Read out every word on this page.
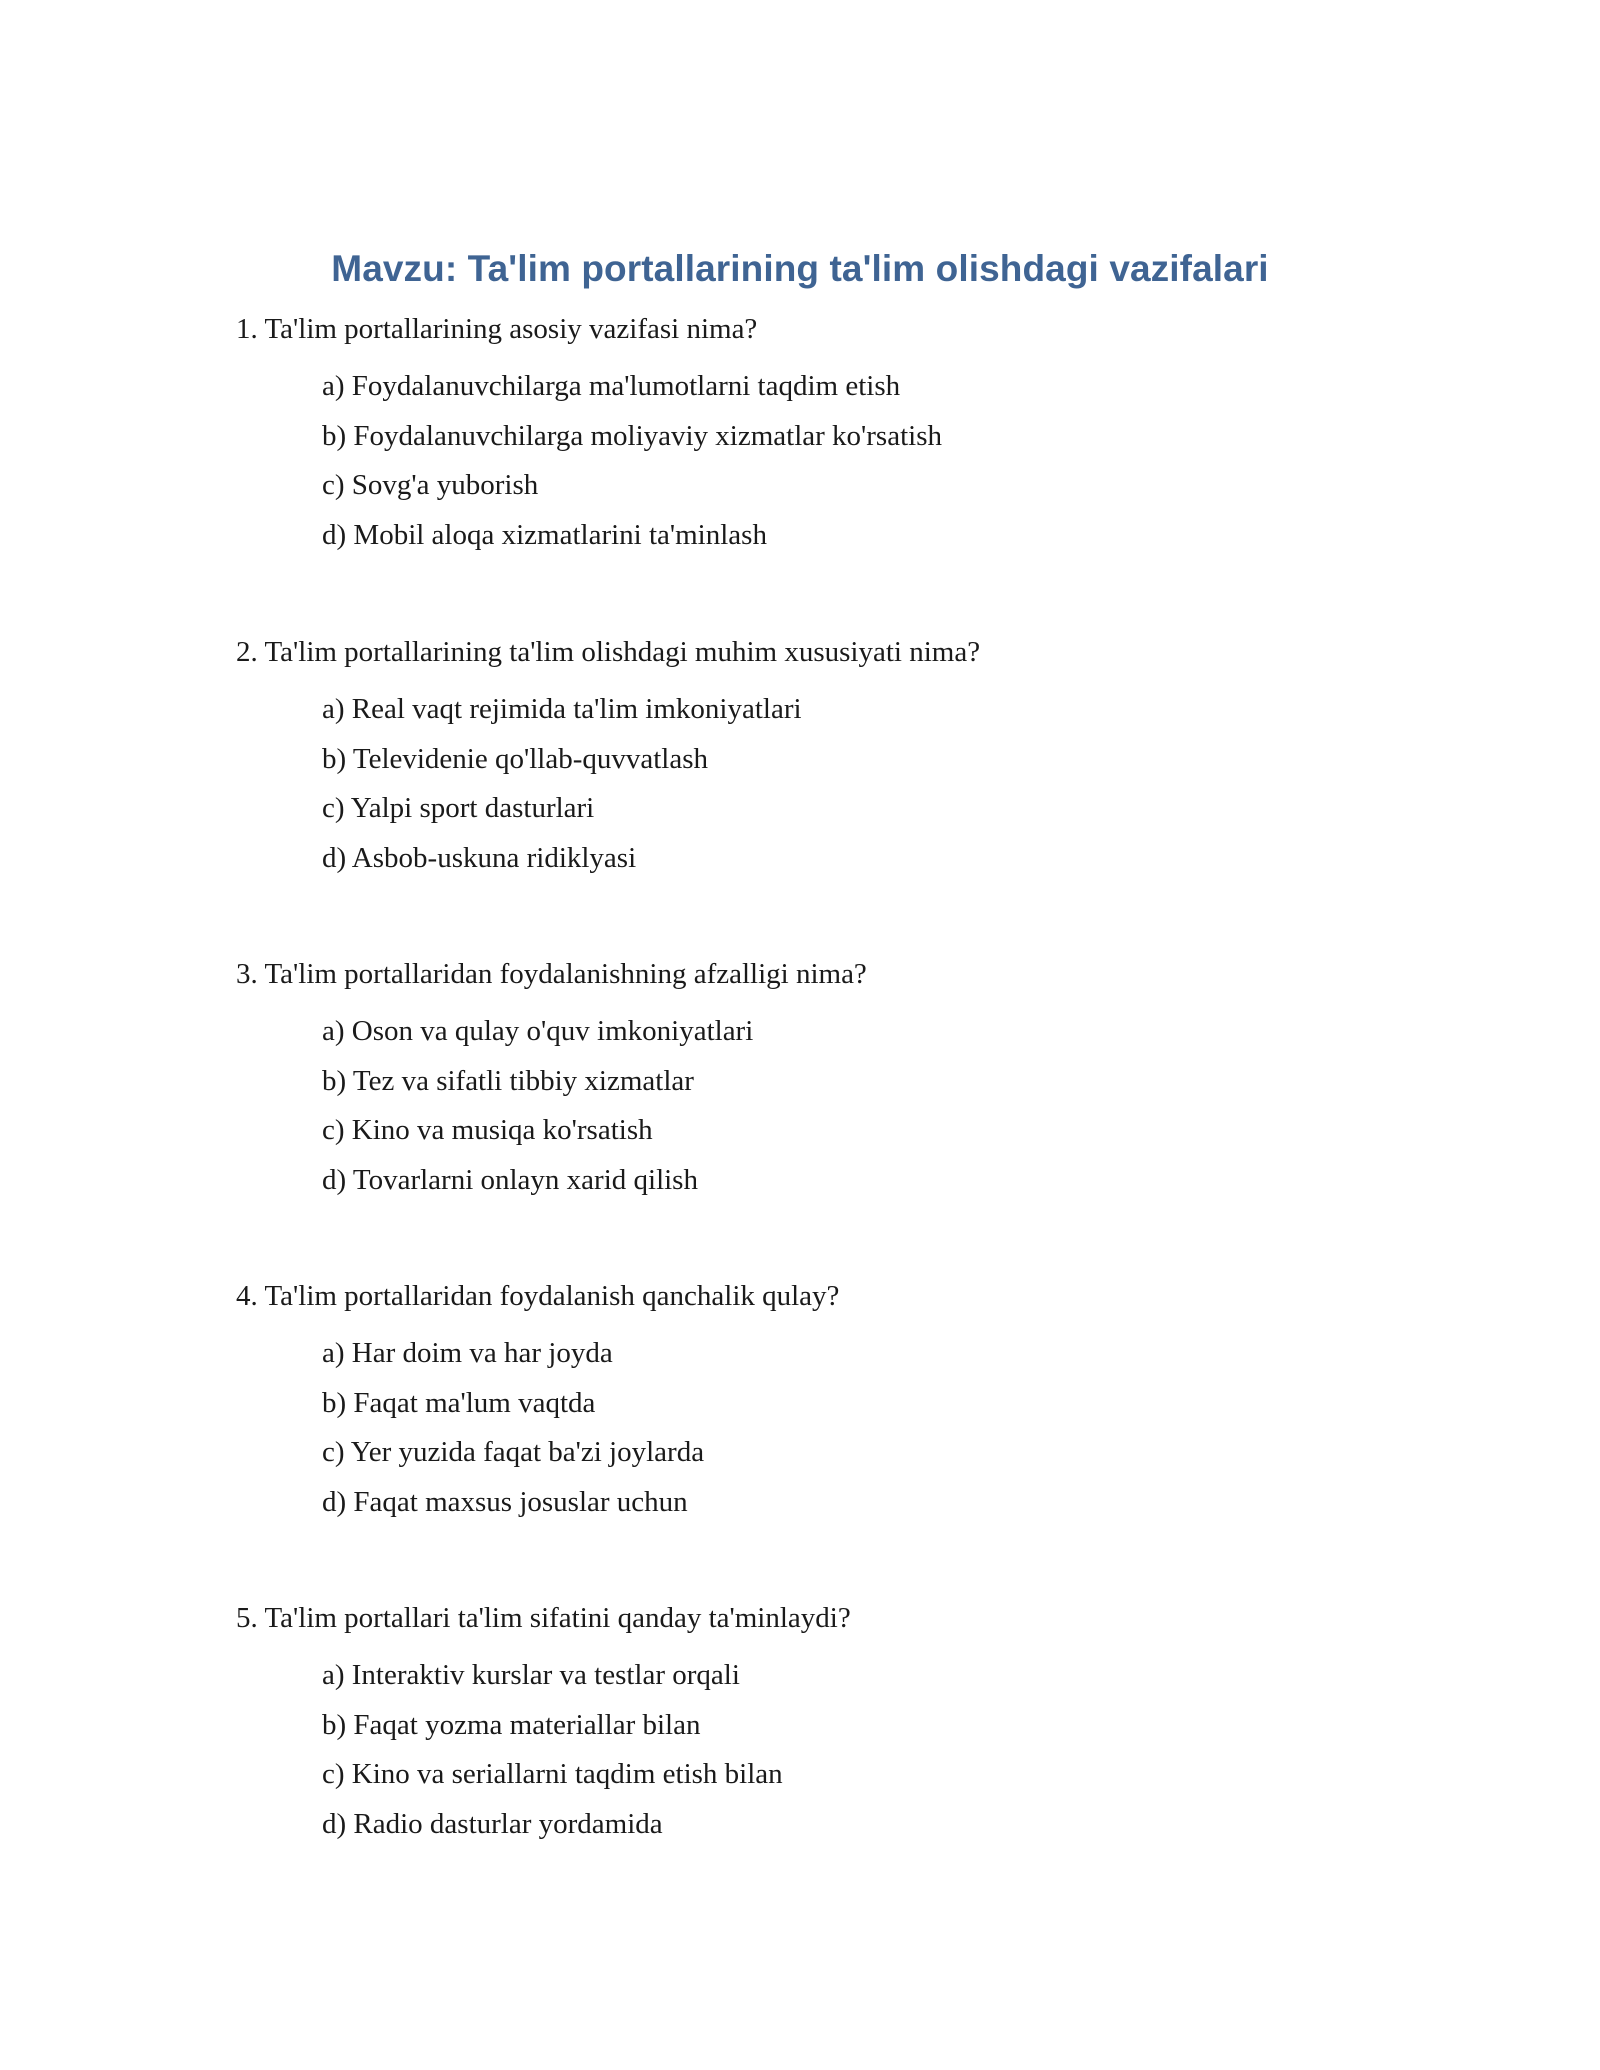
Mavzu: Ta'lim portallarining ta'lim olishdagi vazifalari

1. Ta'lim portallarining asosiy vazifasi nima?

a) Foydalanuvchilarga ma'lumotlarni taqdim etish
b) Foydalanuvchilarga moliyaviy xizmatlar ko'rsatish
c) Sovg'a yuborish
d) Mobil aloqa xizmatlarini ta'minlash

2. Ta'lim portallarining ta'lim olishdagi muhim xususiyati nima?

a) Real vaqt rejimida ta'lim imkoniyatlari
b) Televidenie qo'llab-quvvatlash
c) Yalpi sport dasturlari
d) Asbob-uskuna ridiklyasi

3. Ta'lim portallaridan foydalanishning afzalligi nima?

a) Oson va qulay o'quv imkoniyatlari
b) Tez va sifatli tibbiy xizmatlar
c) Kino va musiqa ko'rsatish
d) Tovarlarni onlayn xarid qilish

4. Ta'lim portallaridan foydalanish qanchalik qulay?

a) Har doim va har joyda
b) Faqat ma'lum vaqtda
c) Yer yuzida faqat ba'zi joylarda
d) Faqat maxsus josuslar uchun

5. Ta'lim portallari ta'lim sifatini qanday ta'minlaydi?

a) Interaktiv kurslar va testlar orqali
b) Faqat yozma materiallar bilan
c) Kino va seriallarni taqdim etish bilan
d) Radio dasturlar yordamida
